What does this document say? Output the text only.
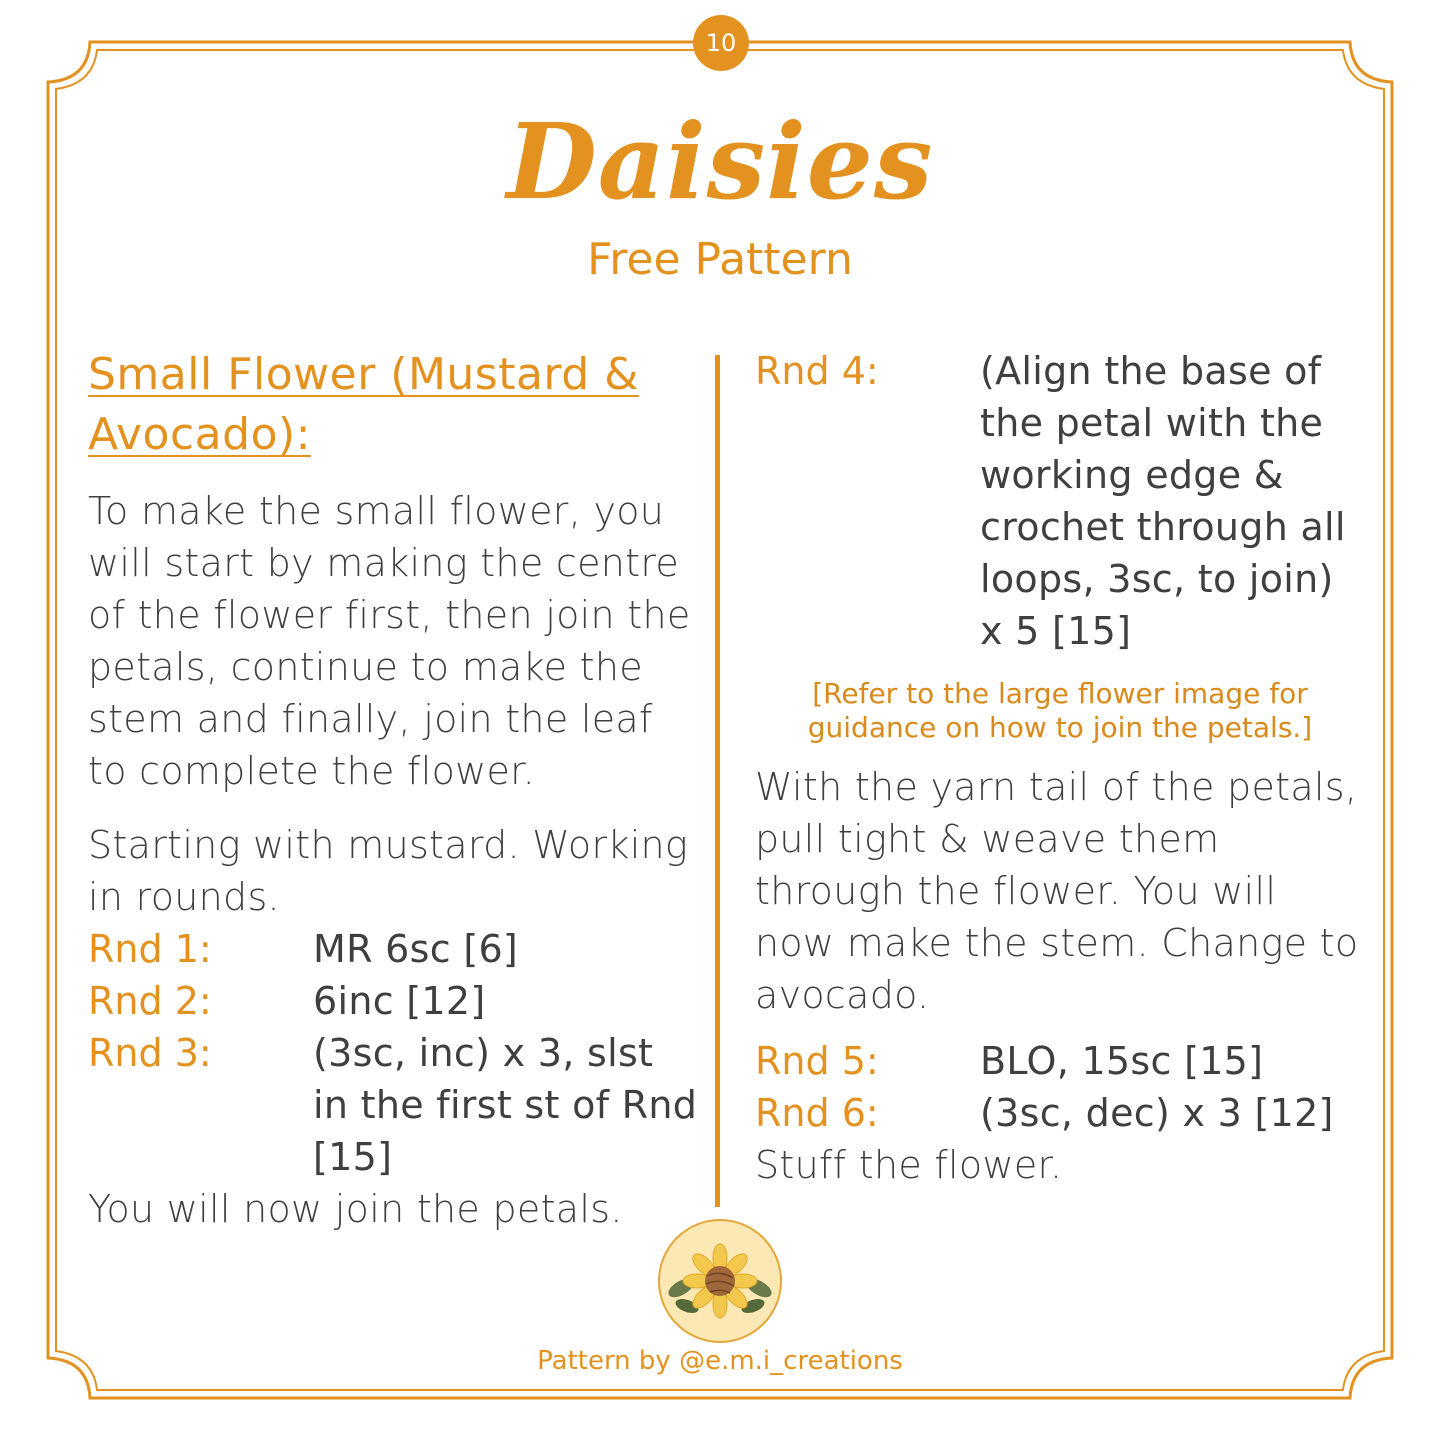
10
Daisies
Free Pattern
Small Flower (Mustard & Avocado):

To make the small flower, you will start by making the centre of the flower first, then join the petals, continue to make the stem and finally, join the leaf to complete the flower.

Starting with mustard. Working in rounds.

Rnd 1:	MR 6sc [6]
Rnd 2:	6inc [12]
Rnd 3:	(3sc, inc) x 3, slst in the first st of Rnd [15]

You will now join the petals.

Rnd 4:	(Align the base of the petal with the working edge & crochet through all loops, 3sc, to join) x 5 [15]

[Refer to the large flower image for guidance on how to join the petals.]

With the yarn tail of the petals, pull tight & weave them through the flower. You will now make the stem. Change to avocado.

Rnd 5:	BLO, 15sc [15]
Rnd 6:	(3sc, dec) x 3 [12]

Stuff the flower.

Pattern by @e.m.i_creations
